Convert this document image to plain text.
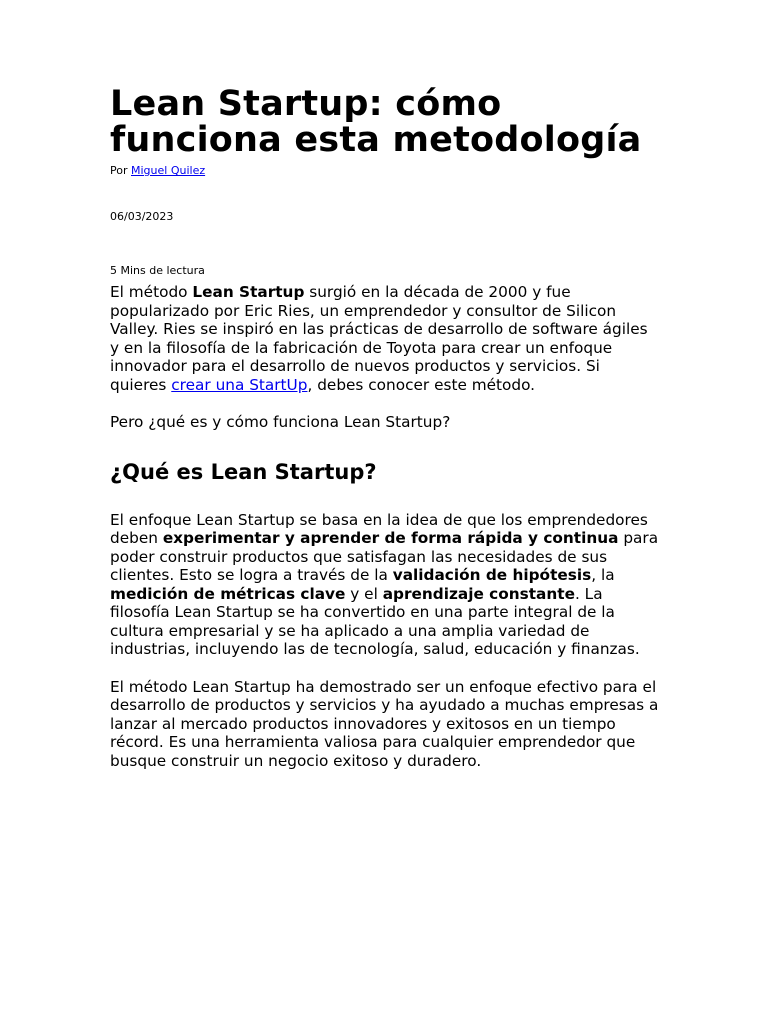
Lean Startup: cómo funciona esta metodología
Por Miguel Quilez
06/03/2023
5 Mins de lectura

El método Lean Startup surgió en la década de 2000 y fue popularizado por Eric Ries, un emprendedor y consultor de Silicon Valley. Ries se inspiró en las prácticas de desarrollo de software ágiles y en la filosofía de la fabricación de Toyota para crear un enfoque innovador para el desarrollo de nuevos productos y servicios. Si quieres crear una StartUp, debes conocer este método.

Pero ¿qué es y cómo funciona Lean Startup?

¿Qué es Lean Startup?

El enfoque Lean Startup se basa en la idea de que los emprendedores deben experimentar y aprender de forma rápida y continua para poder construir productos que satisfagan las necesidades de sus clientes. Esto se logra a través de la validación de hipótesis, la medición de métricas clave y el aprendizaje constante. La filosofía Lean Startup se ha convertido en una parte integral de la cultura empresarial y se ha aplicado a una amplia variedad de industrias, incluyendo las de tecnología, salud, educación y finanzas.

El método Lean Startup ha demostrado ser un enfoque efectivo para el desarrollo de productos y servicios y ha ayudado a muchas empresas a lanzar al mercado productos innovadores y exitosos en un tiempo récord. Es una herramienta valiosa para cualquier emprendedor que busque construir un negocio exitoso y duradero.
